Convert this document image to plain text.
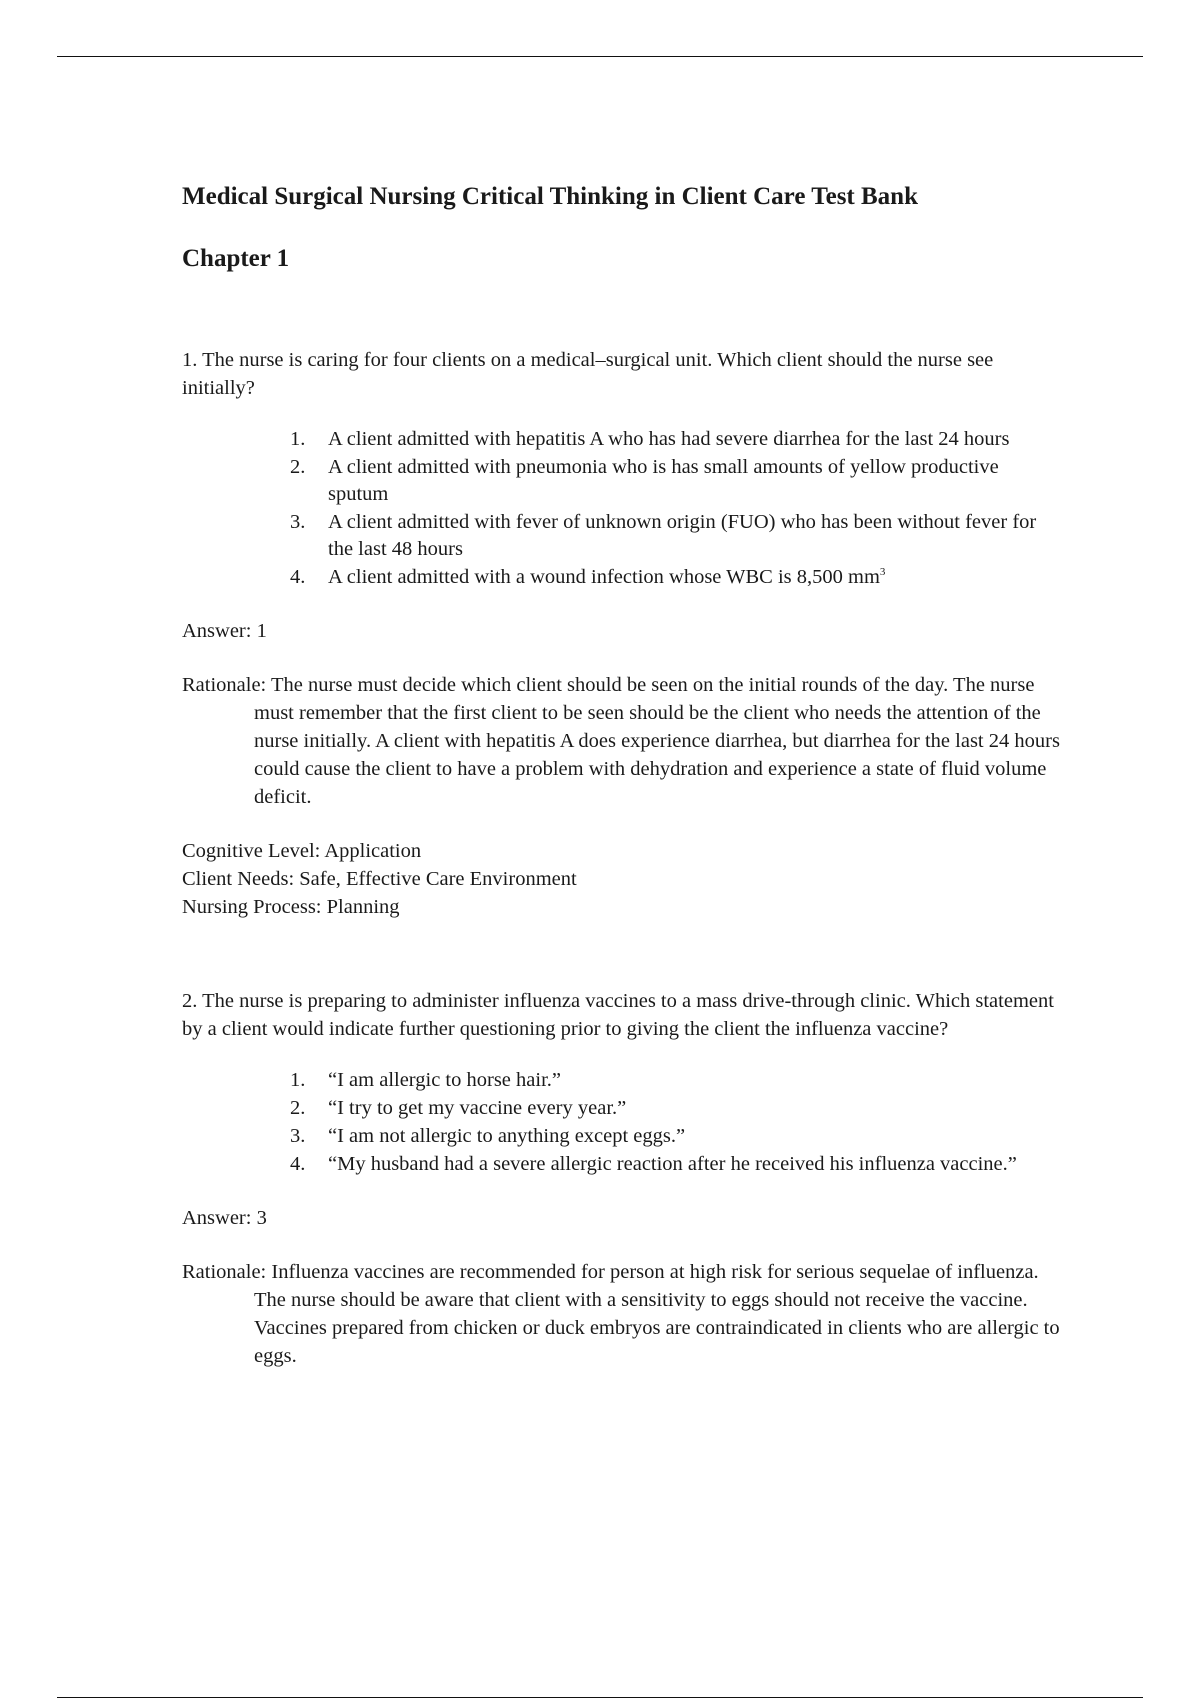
Medical Surgical Nursing Critical Thinking in Client Care Test Bank
Chapter 1

1. The nurse is caring for four clients on a medical–surgical unit. Which client should the nurse see initially?

1.	A client admitted with hepatitis A who has had severe diarrhea for the last 24 hours
2.	A client admitted with pneumonia who is has small amounts of yellow productive sputum
3.	A client admitted with fever of unknown origin (FUO) who has been without fever for the last 48 hours
4.	A client admitted with a wound infection whose WBC is 8,500 $mm^3$

Answer: 1

Rationale: The nurse must decide which client should be seen on the initial rounds of the day. The nurse must remember that the first client to be seen should be the client who needs the attention of the nurse initially. A client with hepatitis A does experience diarrhea, but diarrhea for the last 24 hours could cause the client to have a problem with dehydration and experience a state of fluid volume deficit.

Cognitive Level: Application
Client Needs: Safe, Effective Care Environment
Nursing Process: Planning

2. The nurse is preparing to administer influenza vaccines to a mass drive-through clinic. Which statement by a client would indicate further questioning prior to giving the client the influenza vaccine?

1.	“I am allergic to horse hair.”
2.	“I try to get my vaccine every year.”
3.	“I am not allergic to anything except eggs.”
4.	“My husband had a severe allergic reaction after he received his influenza vaccine.”

Answer: 3

Rationale: Influenza vaccines are recommended for person at high risk for serious sequelae of influenza. The nurse should be aware that client with a sensitivity to eggs should not receive the vaccine. Vaccines prepared from chicken or duck embryos are contraindicated in clients who are allergic to eggs.
